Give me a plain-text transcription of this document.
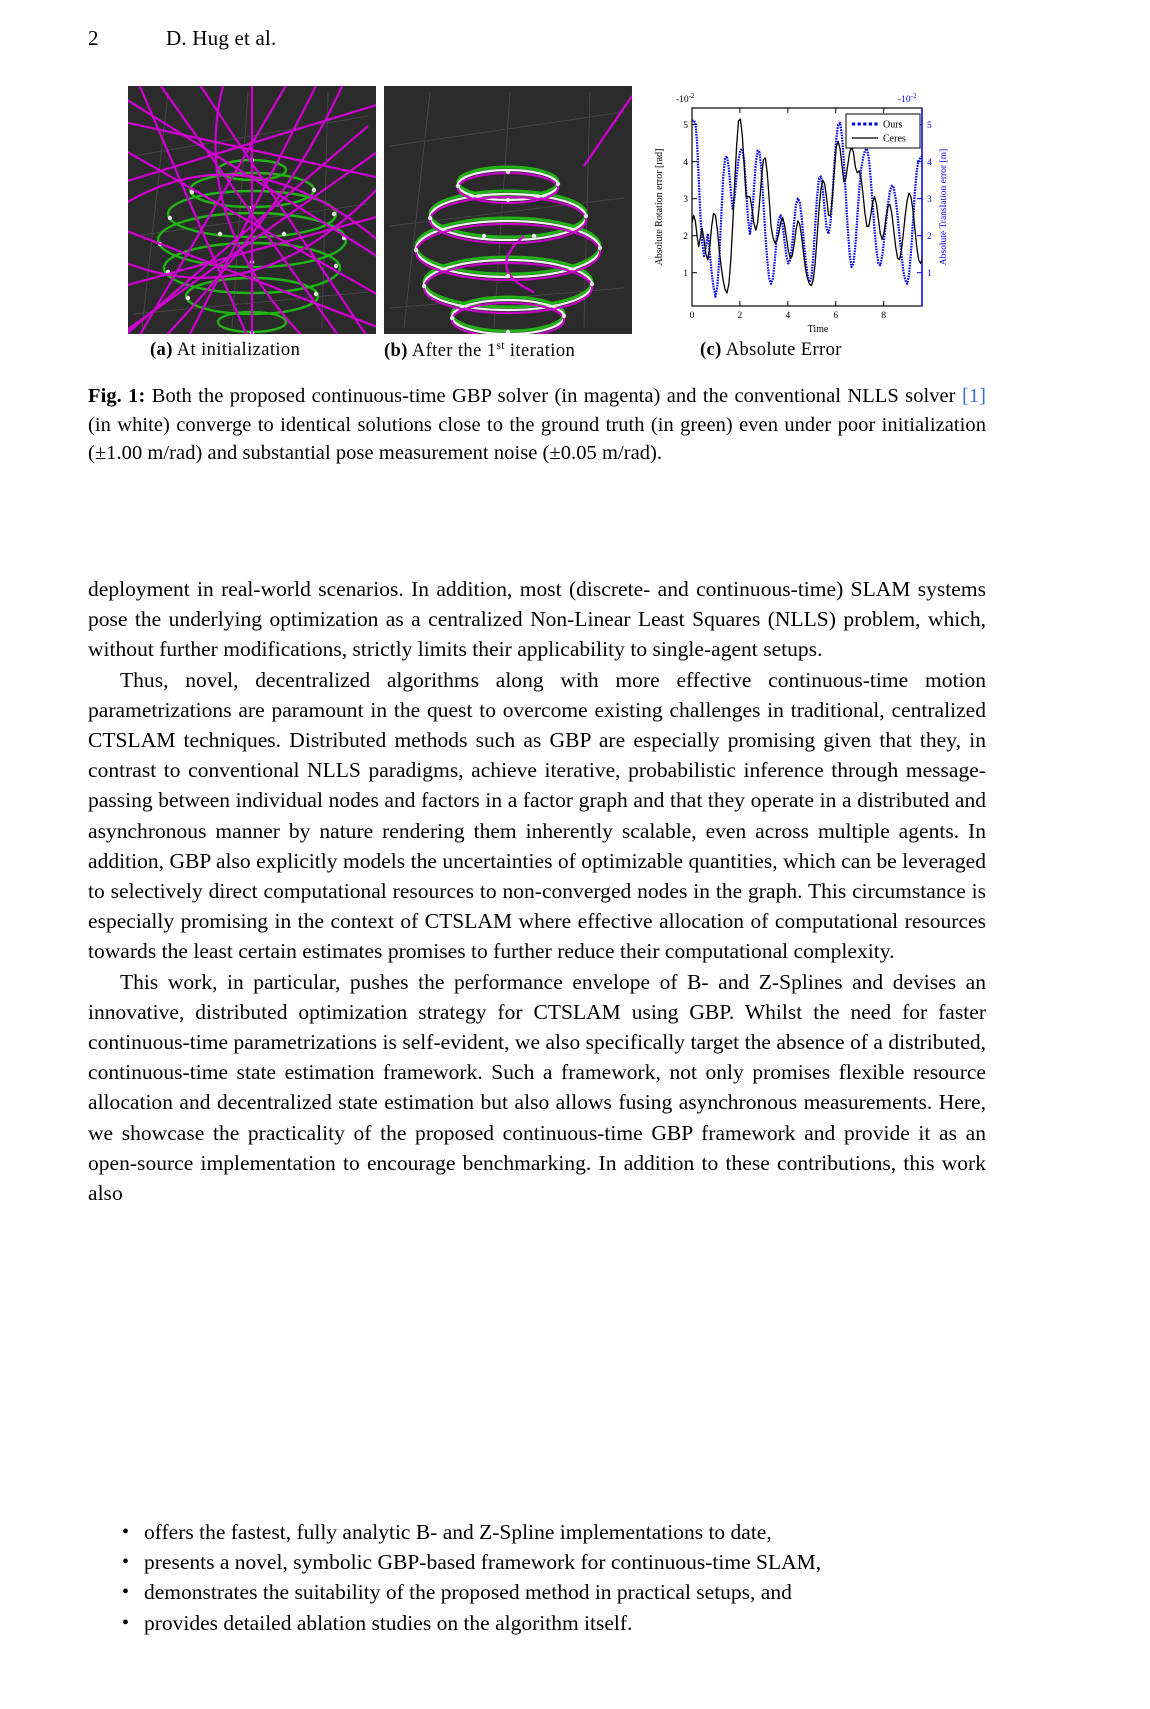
2	D. Hug et al.
$-10^{-2}$	$-10^{-2}$
0	2	4	6	8
1
2
3
4
5
1
2
3
4
5
Absolute Rotation error [rad]	Absolute Translation error [m]
Time
Ours
Ceres
(a) At initialization	(b) After the 1st iteration	(c) Absolute Error
Fig. 1: Both the proposed continuous-time GBP solver (in magenta) and the conventional NLLS solver [1] (in white) converge to identical solutions close to the ground truth (in green) even under poor initialization (±1.00 m/rad) and substantial pose measurement noise (±0.05 m/rad).

deployment in real-world scenarios. In addition, most (discrete- and continuous-time) SLAM systems pose the underlying optimization as a centralized Non-Linear Least Squares (NLLS) problem, which, without further modifications, strictly limits their applicability to single-agent setups.

Thus, novel, decentralized algorithms along with more effective continuous-time motion parametrizations are paramount in the quest to overcome existing challenges in traditional, centralized CTSLAM techniques. Distributed methods such as GBP are especially promising given that they, in contrast to conventional NLLS paradigms, achieve iterative, probabilistic inference through message-passing between individual nodes and factors in a factor graph and that they operate in a distributed and asynchronous manner by nature rendering them inherently scalable, even across multiple agents. In addition, GBP also explicitly models the uncertainties of optimizable quantities, which can be leveraged to selectively direct computational resources to non-converged nodes in the graph. This circumstance is especially promising in the context of CTSLAM where effective allocation of computational resources towards the least certain estimates promises to further reduce their computational complexity.

This work, in particular, pushes the performance envelope of B- and Z-Splines and devises an innovative, distributed optimization strategy for CTSLAM using GBP. Whilst the need for faster continuous-time parametrizations is self-evident, we also specifically target the absence of a distributed, continuous-time state estimation framework. Such a framework, not only promises flexible resource allocation and decentralized state estimation but also allows fusing asynchronous measurements. Here, we showcase the practicality of the proposed continuous-time GBP framework and provide it as an open-source implementation to encourage benchmarking. In addition to these contributions, this work also

• offers the fastest, fully analytic B- and Z-Spline implementations to date,
• presents a novel, symbolic GBP-based framework for continuous-time SLAM,
• demonstrates the suitability of the proposed method in practical setups, and
• provides detailed ablation studies on the algorithm itself.
